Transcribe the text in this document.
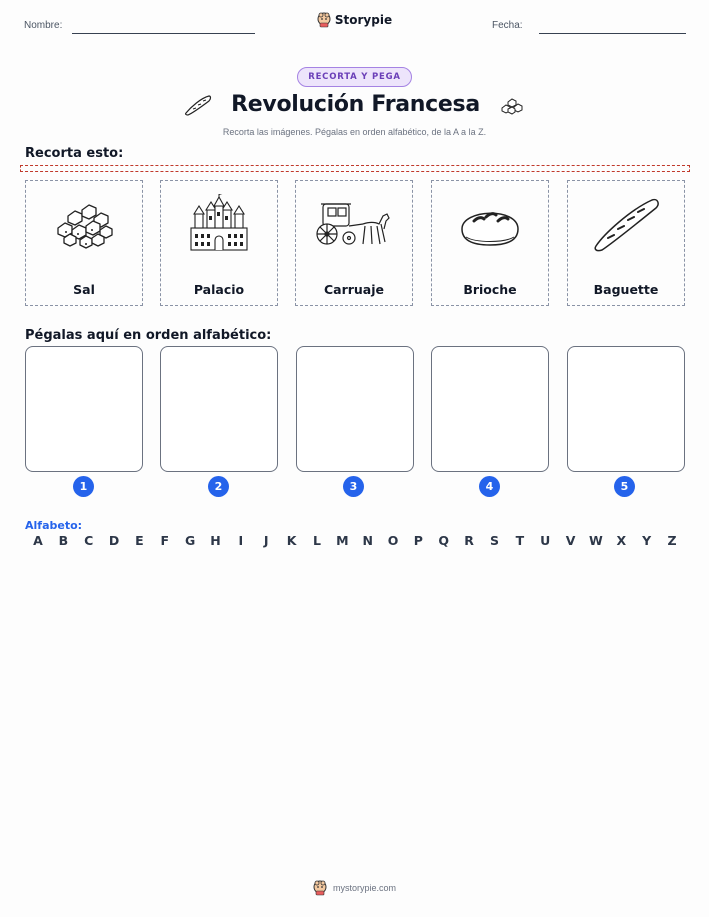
Nombre:	Storypie	Fecha:
RECORTA Y PEGA
Revolución Francesa
Recorta las imágenes. Pégalas en orden alfabético, de la A a la Z.
Recorta esto:
Sal	Palacio	Carruaje	Brioche	Baguette
Pégalas aquí en orden alfabético:
1	2	3	4	5
Alfabeto:
A	B	C	D	E	F	G	H	I	J	K	L	M	N	O	P	Q	R	S	T	U	V	W	X	Y	Z
mystorypie.com
